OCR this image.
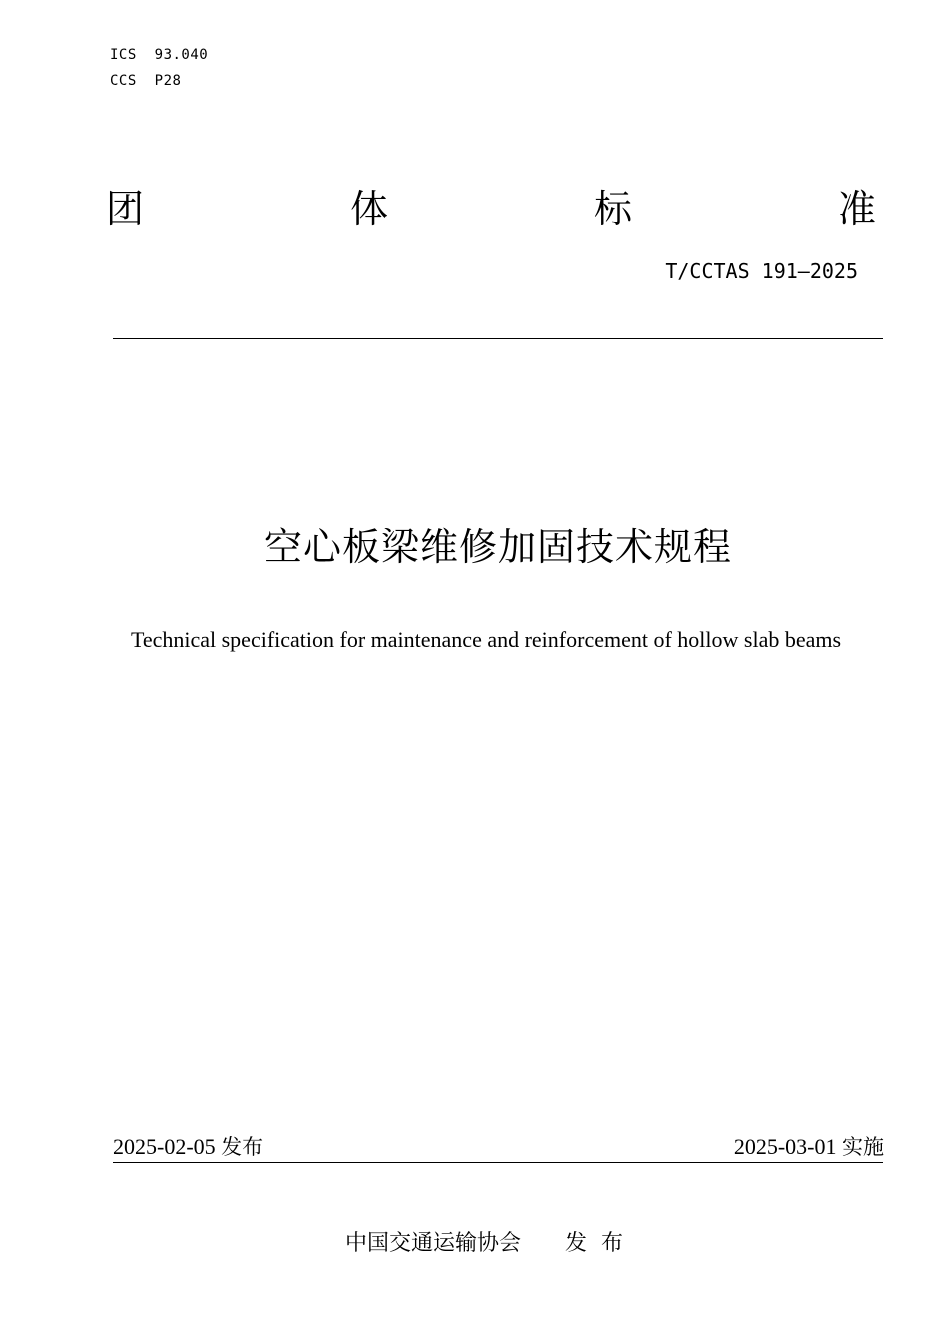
ICS  93.040
CCS  P28
团	体	标	准
T/CCTAS 191—2025
空心板梁维修加固技术规程
Technical specification for maintenance and reinforcement of hollow slab beams
2025-02-05 发布	2025-03-01 实施
中国交通运输协会 发布
